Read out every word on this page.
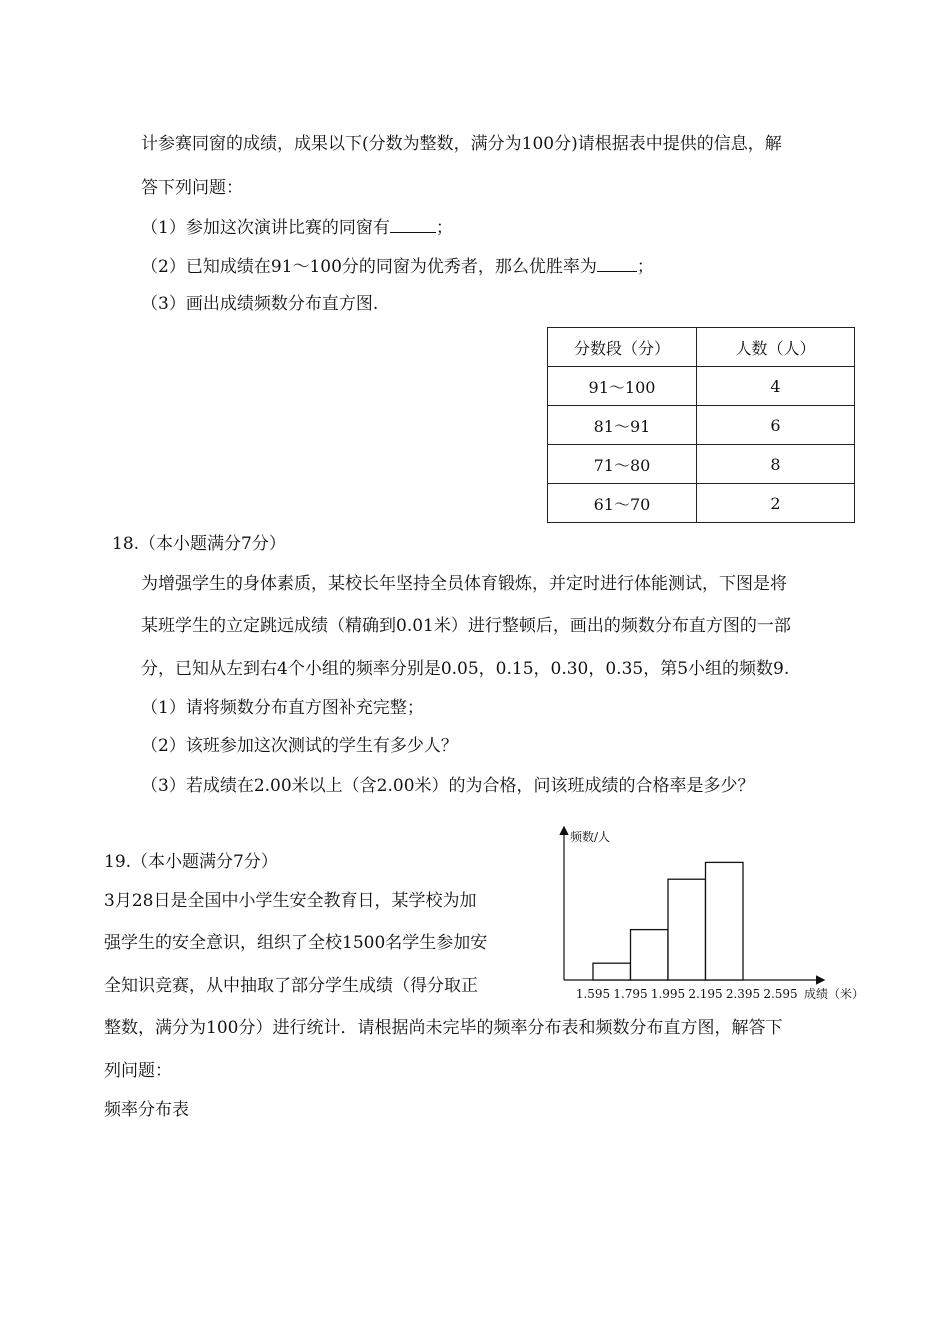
计参赛同窗的成绩，成果以下(分数为整数，满分为100分)请根据表中提供的信息，解
答下列问题：
（1）参加这次演讲比赛的同窗有	；
（2）已知成绩在91～100分的同窗为优秀者，那么优胜率为 ；
（3）画出成绩频数分布直方图.
分数段（分）	人数（人）
91～100	4
81～91	6
71～80	8
61～70	2
18.（本小题满分7分）
为增强学生的身体素质，某校长年坚持全员体育锻炼，并定时进行体能测试，下图是将
某班学生的立定跳远成绩（精确到0.01米）进行整顿后，画出的频数分布直方图的一部
分，已知从左到右4个小组的频率分别是0.05，0.15，0.30，0.35，第5小组的频数9.
（1）请将频数分布直方图补充完整；
（2）该班参加这次测试的学生有多少人？
（3）若成绩在2.00米以上（含2.00米）的为合格，问该班成绩的合格率是多少？
频数/人
成绩（米）
1.595 1.795 1.995 2.195 2.395 2.595
19.（本小题满分7分）
3月28日是全国中小学生安全教育日，某学校为加
强学生的安全意识，组织了全校1500名学生参加安
全知识竞赛，从中抽取了部分学生成绩（得分取正
整数，满分为100分）进行统计．请根据尚未完毕的频率分布表和频数分布直方图，解答下
列问题：
频率分布表
